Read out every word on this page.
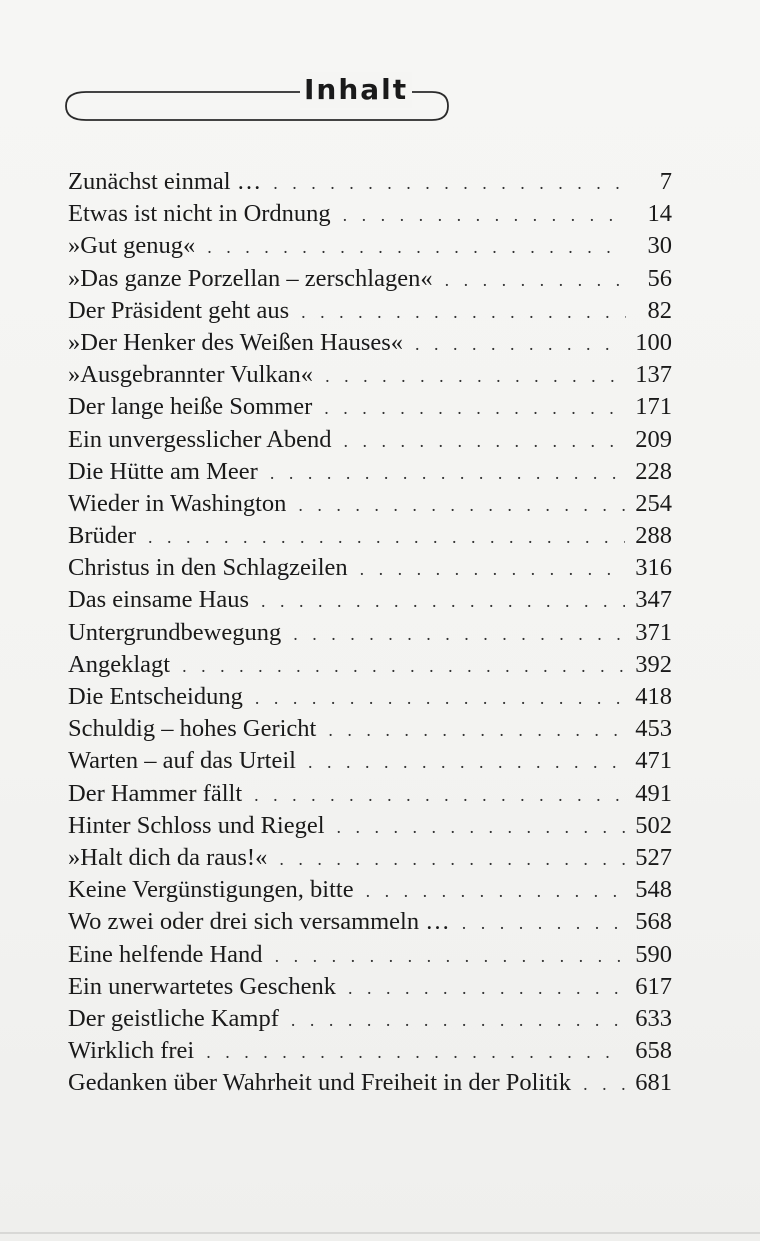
Inhalt
Zunächst einmal … . . .	7
Etwas ist nicht in Ordnung . . .	14
»Gut genug« . . .	30
»Das ganze Porzellan – zerschlagen« . . .	56
Der Präsident geht aus . . .	82
»Der Henker des Weißen Hauses« . . .	100
»Ausgebrannter Vulkan« . . .	137
Der lange heiße Sommer . . .	171
Ein unvergesslicher Abend . . .	209
Die Hütte am Meer . . .	228
Wieder in Washington . . .	254
Brüder . . .	288
Christus in den Schlagzeilen . . .	316
Das einsame Haus . . .	347
Untergrundbewegung . . .	371
Angeklagt . . .	392
Die Entscheidung . . .	418
Schuldig – hohes Gericht . . .	453
Warten – auf das Urteil . . .	471
Der Hammer fällt . . .	491
Hinter Schloss und Riegel . . .	502
»Halt dich da raus!« . . .	527
Keine Vergünstigungen, bitte . . .	548
Wo zwei oder drei sich versammeln … . . .	568
Eine helfende Hand . . .	590
Ein unerwartetes Geschenk . . .	617
Der geistliche Kampf . . .	633
Wirklich frei . . .	658
Gedanken über Wahrheit und Freiheit in der Politik . . .	681
